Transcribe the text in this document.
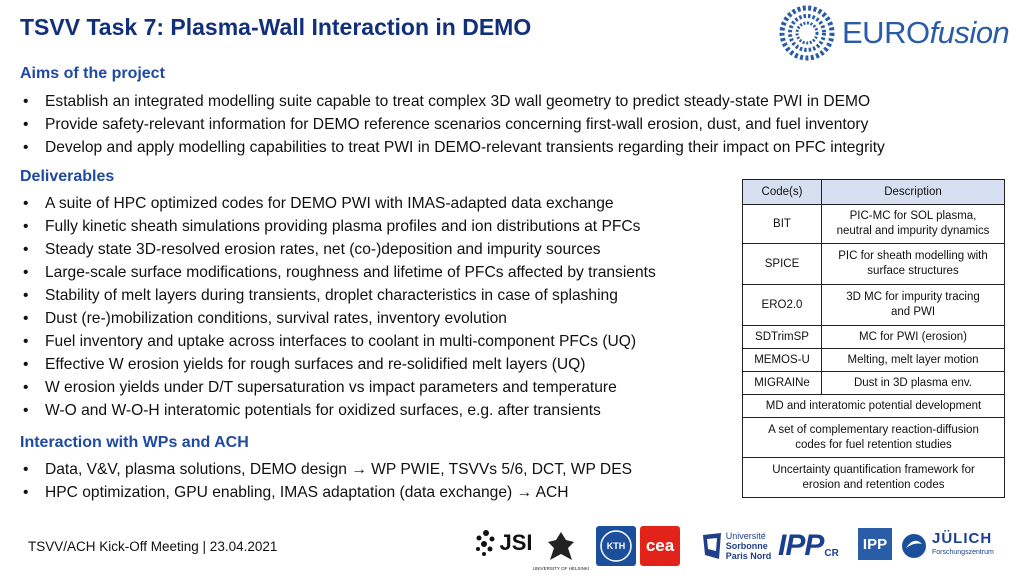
TSVV Task 7: Plasma-Wall Interaction in DEMO	EUROfusion
Aims of the project
• Establish an integrated modelling suite capable to treat complex 3D wall geometry to predict steady-state PWI in DEMO
• Provide safety-relevant information for DEMO reference scenarios concerning first-wall erosion, dust, and fuel inventory
• Develop and apply modelling capabilities to treat PWI in DEMO-relevant transients regarding their impact on PFC integrity
Deliverables
• A suite of HPC optimized codes for DEMO PWI with IMAS-adapted data exchange
• Fully kinetic sheath simulations providing plasma profiles and ion distributions at PFCs
• Steady state 3D-resolved erosion rates, net (co-)deposition and impurity sources
• Large-scale surface modifications, roughness and lifetime of PFCs affected by transients
• Stability of melt layers during transients, droplet characteristics in case of splashing
• Dust (re-)mobilization conditions, survival rates, inventory evolution
• Fuel inventory and uptake across interfaces to coolant in multi-component PFCs (UQ)
• Effective W erosion yields for rough surfaces and re-solidified melt layers (UQ)
• W erosion yields under D/T supersaturation vs impact parameters and temperature
• W-O and W-O-H interatomic potentials for oxidized surfaces, e.g. after transients
Interaction with WPs and ACH
• Data, V&V, plasma solutions, DEMO design → WP PWIE, TSVVs 5/6, DCT, WP DES
• HPC optimization, GPU enabling, IMAS adaptation (data exchange) → ACH
Code(s)	Description
BIT	PIC-MC for SOL plasma,
neutral and impurity dynamics
SPICE	PIC for sheath modelling with
surface structures
ERO2.0	3D MC for impurity tracing
and PWI
SDTrimSP	MC for PWI (erosion)
MEMOS-U	Melting, melt layer motion
MIGRAINe	Dust in 3D plasma env.
MD and interatomic potential development	
A set of complementary reaction-diffusion
codes for fuel retention studies	
Uncertainty quantification framework for
erosion and retention codes	
TSVV/ACH Kick-Off Meeting | 23.04.2021	JSI
UNIVERSITY OF HELSINKI
KTH cea	Université
Sorbonne
Paris Nord IPP CR
IPP	JÜLICH
Forschungszentrum
